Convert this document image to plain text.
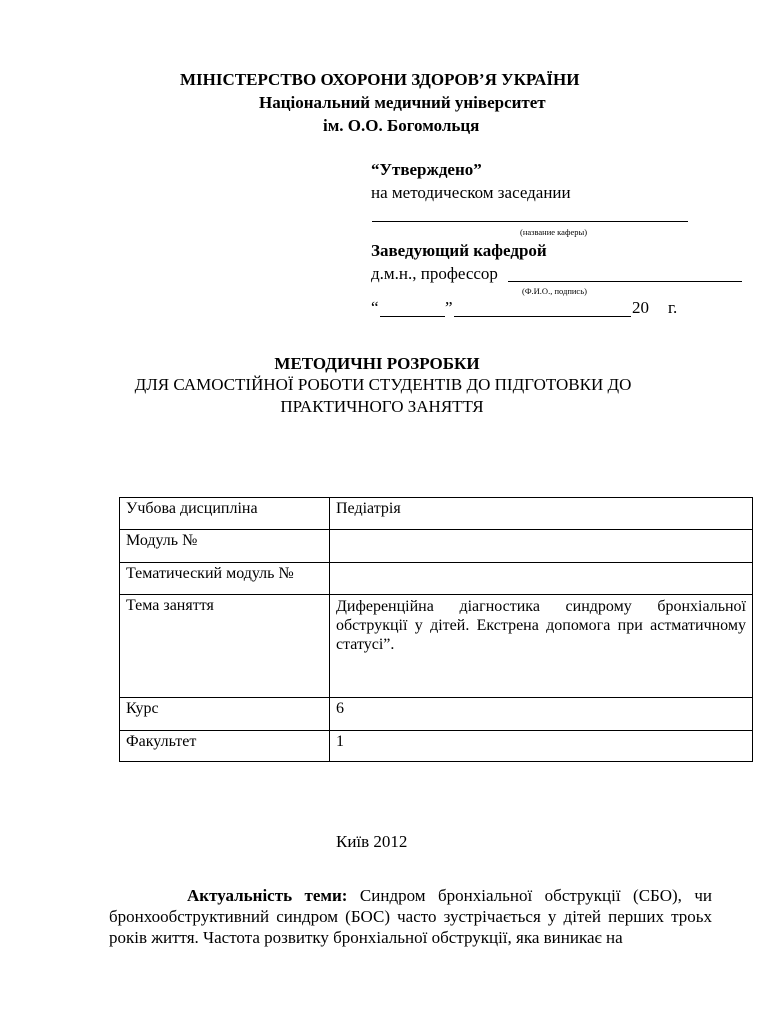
МІНІСТЕРСТВО ОХОРОНИ ЗДОРОВ’Я УКРАЇНИ
Національний медичний університет
ім. О.О. Богомольця
“Утверждено”
на методическом заседании
(название каферы)
Заведующий кафедрой
д.м.н., профессор
(Ф.И.О., подпись)
“	”	20 г.
МЕТОДИЧНІ РОЗРОБКИ
ДЛЯ САМОСТІЙНОЇ РОБОТИ СТУДЕНТІВ ДО ПІДГОТОВКИ ДО
ПРАКТИЧНОГО ЗАНЯТТЯ
Учбова дисципліна	Педіатрія
Модуль №	
Тематический модуль №	
Тема заняття	Диференційна діагностика синдрому бронхіальної обструкції у дітей. Екстрена допомога при астматичному статусі”.
Курс	6
Факультет	1
Київ 2012
Актуальність теми: Синдром бронхіальної обструкції (СБО), чи бронхообструктивний синдром (БОС) часто зустрічається у дітей перших троьх років життя. Частота розвитку бронхіальної обструкції, яка виникає на
